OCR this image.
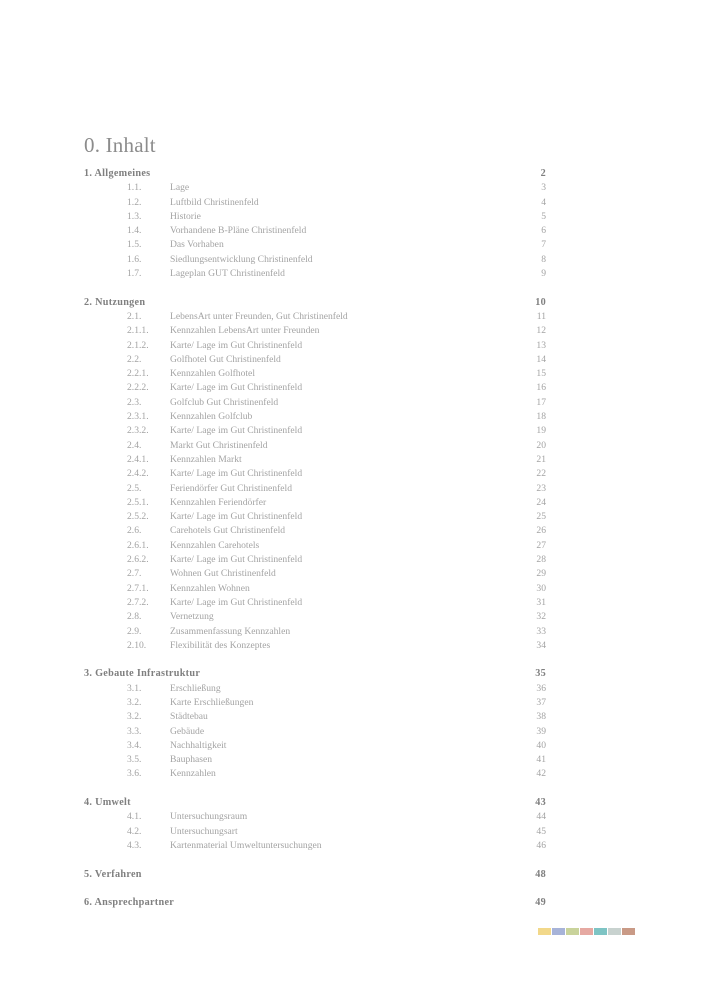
0. Inhalt
1. Allgemeines	2
1.1.	Lage	3
1.2.	Luftbild Christinenfeld	4
1.3.	Historie	5
1.4.	Vorhandene B-Pläne Christinenfeld	6
1.5.	Das Vorhaben	7
1.6.	Siedlungsentwicklung Christinenfeld	8
1.7.	Lageplan GUT Christinenfeld	9
2. Nutzungen	10
2.1.	LebensArt unter Freunden, Gut Christinenfeld	11
2.1.1. Kennzahlen LebensArt unter Freunden	12
2.1.2. Karte/ Lage im Gut Christinenfeld	13
2.2.	Golfhotel Gut Christinenfeld	14
2.2.1. Kennzahlen Golfhotel	15
2.2.2. Karte/ Lage im Gut Christinenfeld	16
2.3.	Golfclub Gut Christinenfeld	17
2.3.1. Kennzahlen Golfclub	18
2.3.2. Karte/ Lage im Gut Christinenfeld	19
2.4.	Markt Gut Christinenfeld	20
2.4.1. Kennzahlen Markt	21
2.4.2. Karte/ Lage im Gut Christinenfeld	22
2.5.	Feriendörfer Gut Christinenfeld	23
2.5.1. Kennzahlen Feriendörfer	24
2.5.2. Karte/ Lage im Gut Christinenfeld	25
2.6.	Carehotels Gut Christinenfeld	26
2.6.1. Kennzahlen Carehotels	27
2.6.2. Karte/ Lage im Gut Christinenfeld	28
2.7.	Wohnen Gut Christinenfeld	29
2.7.1. Kennzahlen Wohnen	30
2.7.2. Karte/ Lage im Gut Christinenfeld	31
2.8.	Vernetzung	32
2.9.	Zusammenfassung Kennzahlen	33
2.10. Flexibilität des Konzeptes	34
3. Gebaute Infrastruktur	35
3.1.	Erschließung	36
3.2.	Karte Erschließungen	37
3.2.	Städtebau	38
3.3.	Gebäude	39
3.4.	Nachhaltigkeit	40
3.5.	Bauphasen	41
3.6.	Kennzahlen	42
4. Umwelt	43
4.1.	Untersuchungsraum	44
4.2.	Untersuchungsart	45
4.3.	Kartenmaterial Umweltuntersuchungen	46
5. Verfahren	48
6. Ansprechpartner	49
